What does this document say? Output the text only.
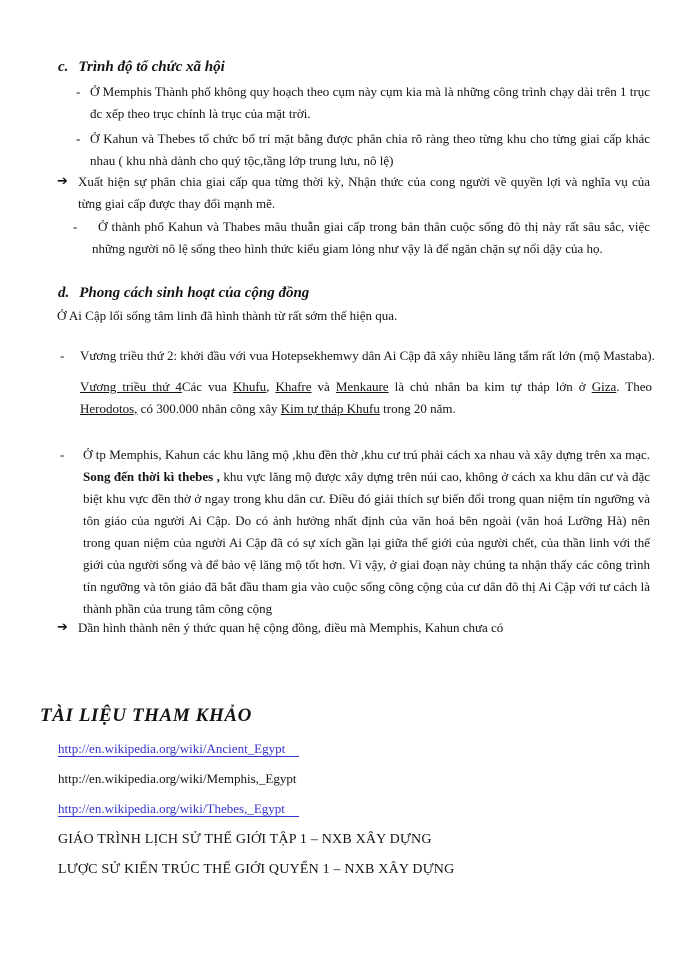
c. Trình độ tổ chức xã hội
- Ở Memphis Thành phố không quy hoạch theo cụm này cụm kia mà là những công trình chạy dài trên 1 trục đc xếp theo trục chính là trục của mặt trời.
- Ở Kahun và Thebes tổ chức bố trí mặt bằng được phân chia rõ ràng theo từng khu cho từng giai cấp khác nhau ( khu nhà dành cho quý tộc,tầng lớp trung lưu, nô lệ)
➔ Xuất hiện sự phân chia giai cấp qua từng thời kỳ, Nhận thức của cong người về quyền lợi và nghĩa vụ của từng giai cấp được thay đổi mạnh mẽ.
-	Ở thành phố Kahun và Thabes mâu thuẫn giai cấp trong bản thân cuộc sống đô thị này rất sâu sắc, việc những người nô lệ sống theo hình thức kiểu giam lỏng như vậy là để ngăn chặn sự nổi dậy của họ.
d. Phong cách sinh hoạt của cộng đồng
Ở Ai Cập lối sống tâm linh đã hình thành từ rất sớm thể hiện qua.
-	Vương triều thứ 2: khởi đầu với vua Hotepsekhemwy dân Ai Cập đã xây nhiều lăng tẩm rất lớn (mộ Mastaba).
Vương triều thứ 4Các vua Khufu, Khafre và Menkaure là chủ nhân ba kim tự tháp lớn ở Giza. Theo Herodotos, có 300.000 nhân công xây Kim tự tháp Khufu trong 20 năm.
-	Ở tp Memphis, Kahun các khu lăng mộ ,khu đền thờ ,khu cư trú phải cách xa nhau và xây dựng trên xa mạc. Song đến thời kì thebes , khu vực lăng mộ được xây dựng trên núi cao, không ở cách xa khu dân cư và đặc biệt khu vực đền thờ ở ngay trong khu dân cư. Điều đó giải thích sự biến đổi trong quan niệm tín ngưỡng và tôn giáo của người Ai Cập. Do có ảnh hưởng nhất định của văn hoá bên ngoài (văn hoá Lưỡng Hà) nên trong quan niệm của người Ai Cập đã có sự xích gần lại giữa thế giới của người chết, của thần linh với thế giới của người sống và để bảo vệ lăng mộ tốt hơn. Vì vậy, ở giai đoạn này chúng ta nhận thấy các công trình tín ngưỡng và tôn giáo đã bắt đầu tham gia vào cuộc sống công cộng của cư dân đô thị Ai Cập với tư cách là thành phần của trung tâm công cộng
➔ Dần hình thành nên ý thức quan hệ cộng đồng, điều mà Memphis, Kahun chưa có
TÀI LIỆU THAM KHẢO
http://en.wikipedia.org/wiki/Ancient_Egypt
http://en.wikipedia.org/wiki/Memphis,_Egypt
http://en.wikipedia.org/wiki/Thebes,_Egypt
GIÁO TRÌNH LỊCH SỬ THẾ GIỚI TẬP 1 – NXB XÂY DỰNG
LƯỢC SỬ KIẾN TRÚC THẾ GIỚI QUYỂN 1 – NXB XÂY DỰNG
